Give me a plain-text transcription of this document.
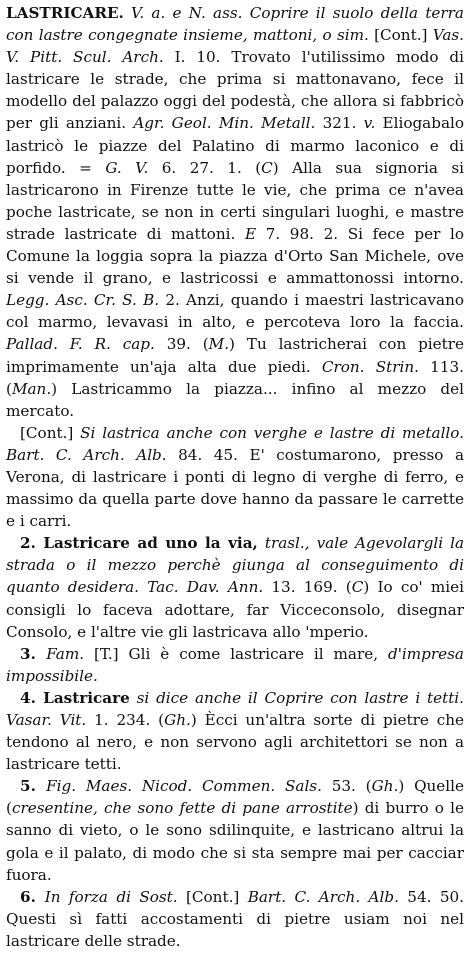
LASTRICARE. V. a. e N. ass. Coprire il suolo della terra con lastre congegnate insieme, mattoni, o sim. [Cont.] Vas. V. Pitt. Scul. Arch. I. 10. Trovato l'utilissimo modo di lastricare le strade, che prima si mattonavano, fece il modello del palazzo oggi del podestà, che allora si fabbricò per gli anziani. Agr. Geol. Min. Metall. 321. v. Eliogabalo lastricò le piazze del Palatino di marmo laconico e di porfido. = G. V. 6. 27. 1. (C) Alla sua signoria si lastricarono in Firenze tutte le vie, che prima ce n'avea poche lastricate, se non in certi singulari luoghi, e mastre strade lastricate di mattoni. E 7. 98. 2. Si fece per lo Comune la loggia sopra la piazza d'Orto San Michele, ove si vende il grano, e lastricossi e ammattonossi intorno. Legg. Asc. Cr. S. B. 2. Anzi, quando i maestri lastricavano col marmo, levavasi in alto, e percoteva loro la faccia. Pallad. F. R. cap. 39. (M.) Tu lastricherai con pietre imprimamente un'aja alta due piedi. Cron. Strin. 113. (Man.) Lastricammo la piazza... infino al mezzo del mercato.

[Cont.] Si lastrica anche con verghe e lastre di metallo. Bart. C. Arch. Alb. 84. 45. E' costumarono, presso a Verona, di lastricare i ponti di legno di verghe di ferro, e massimo da quella parte dove hanno da passare le carrette e i carri.

2. Lastricare ad uno la via, trasl., vale Agevolargli la strada o il mezzo perchè giunga al conseguimento di quanto desidera. Tac. Dav. Ann. 13. 169. (C) Io co' miei consigli lo faceva adottare, far Vicceconsolo, disegnar Consolo, e l'altre vie gli lastricava allo 'mperio.

3. Fam. [T.] Gli è come lastricare il mare, d'impresa impossibile.

4. Lastricare si dice anche il Coprire con lastre i tetti. Vasar. Vit. 1. 234. (Gh.) Ècci un'altra sorte di pietre che tendono al nero, e non servono agli architettori se non a lastricare tetti.

5. Fig. Maes. Nicod. Commen. Sals. 53. (Gh.) Quelle (cresentine, che sono fette di pane arrostite) di burro o le sanno di vieto, o le sono sdilinquite, e lastricano altrui la gola e il palato, di modo che si sta sempre mai per cacciar fuora.

6. In forza di Sost. [Cont.] Bart. C. Arch. Alb. 54. 50. Questi sì fatti accostamenti di pietre usiam noi nel lastricare delle strade.
